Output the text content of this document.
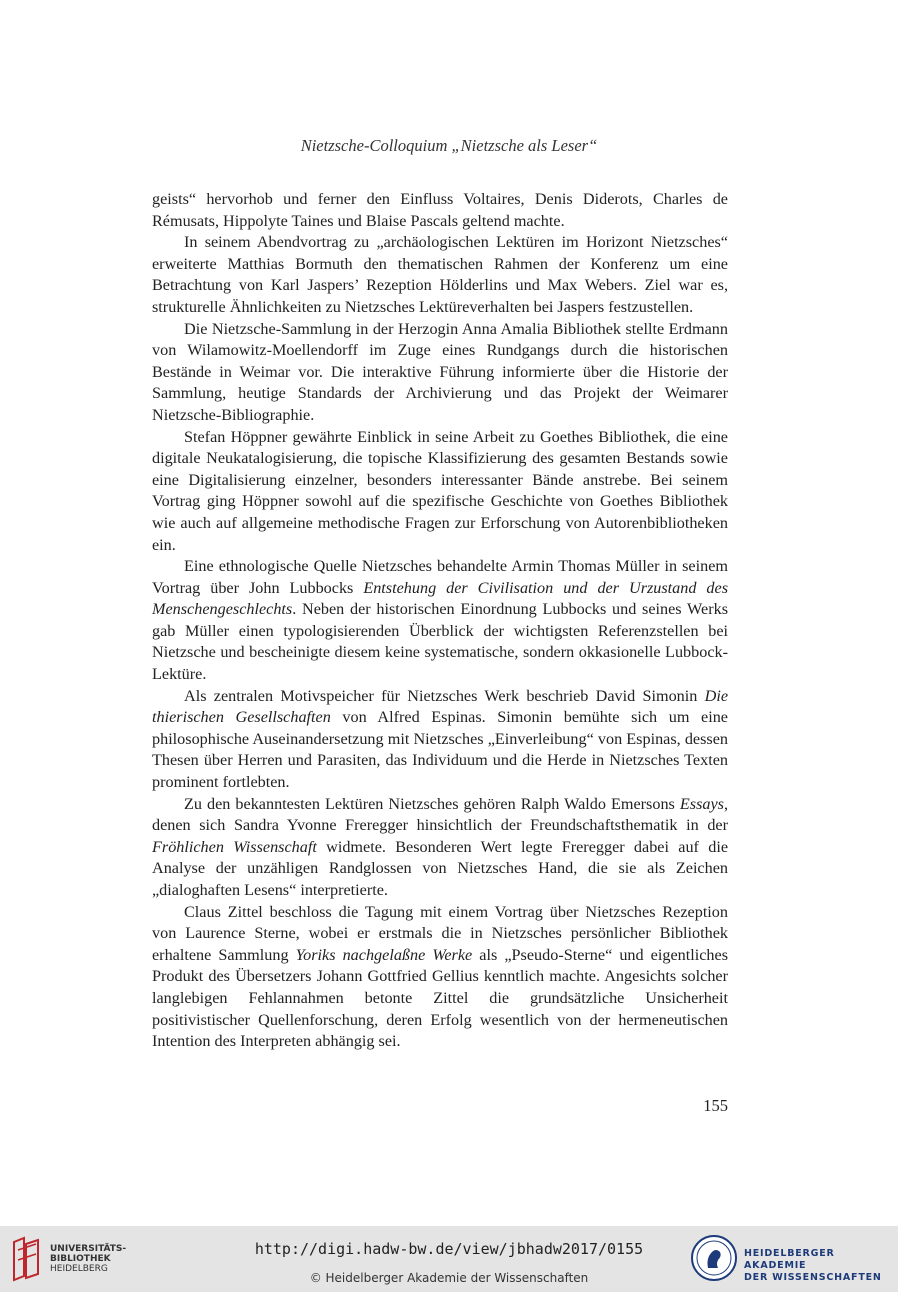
Nietzsche-Colloquium „Nietzsche als Leser“

geists“ hervorhob und ferner den Einfluss Voltaires, Denis Diderots, Charles de Rémusats, Hippolyte Taines und Blaise Pascals geltend machte.

In seinem Abendvortrag zu „archäologischen Lektüren im Horizont Nietzsches“ erweiterte Matthias Bormuth den thematischen Rahmen der Konferenz um eine Betrachtung von Karl Jaspers’ Rezeption Hölderlins und Max Webers. Ziel war es, strukturelle Ähnlichkeiten zu Nietzsches Lektüreverhalten bei Jaspers festzustellen.

Die Nietzsche-Sammlung in der Herzogin Anna Amalia Bibliothek stellte Erdmann von Wilamowitz-Moellendorff im Zuge eines Rundgangs durch die historischen Bestände in Weimar vor. Die interaktive Führung informierte über die Historie der Sammlung, heutige Standards der Archivierung und das Projekt der Weimarer Nietzsche-Bibliographie.

Stefan Höppner gewährte Einblick in seine Arbeit zu Goethes Bibliothek, die eine digitale Neukatalogisierung, die topische Klassifizierung des gesamten Bestands sowie eine Digitalisierung einzelner, besonders interessanter Bände anstrebe. Bei seinem Vortrag ging Höppner sowohl auf die spezifische Geschichte von Goethes Bibliothek wie auch auf allgemeine methodische Fragen zur Erforschung von Autorenbibliotheken ein.

Eine ethnologische Quelle Nietzsches behandelte Armin Thomas Müller in seinem Vortrag über John Lubbocks Entstehung der Civilisation und der Urzustand des Menschengeschlechts. Neben der historischen Einordnung Lubbocks und seines Werks gab Müller einen typologisierenden Überblick der wichtigsten Referenzstellen bei Nietzsche und bescheinigte diesem keine systematische, sondern okkasionelle Lubbock-Lektüre.

Als zentralen Motivspeicher für Nietzsches Werk beschrieb David Simonin Die thierischen Gesellschaften von Alfred Espinas. Simonin bemühte sich um eine philosophische Auseinandersetzung mit Nietzsches „Einverleibung“ von Espinas, dessen Thesen über Herren und Parasiten, das Individuum und die Herde in Nietzsches Texten prominent fortlebten.

Zu den bekanntesten Lektüren Nietzsches gehören Ralph Waldo Emersons Essays, denen sich Sandra Yvonne Freregger hinsichtlich der Freundschaftsthematik in der Fröhlichen Wissenschaft widmete. Besonderen Wert legte Freregger dabei auf die Analyse der unzähligen Randglossen von Nietzsches Hand, die sie als Zeichen „dialoghaften Lesens“ interpretierte.

Claus Zittel beschloss die Tagung mit einem Vortrag über Nietzsches Rezeption von Laurence Sterne, wobei er erstmals die in Nietzsches persönlicher Bibliothek erhaltene Sammlung Yoriks nachgelaßne Werke als „Pseudo-Sterne“ und eigentliches Produkt des Übersetzers Johann Gottfried Gellius kenntlich machte. Angesichts solcher langlebigen Fehlannahmen betonte Zittel die grundsätzliche Unsicherheit positivistischer Quellenforschung, deren Erfolg wesentlich von der hermeneutischen Intention des Interpreten abhängig sei.

155
UNIVERSITÄTS-
BIBLIOTHEK
HEIDELBERG
http://digi.hadw-bw.de/view/jbhadw2017/0155
© Heidelberger Akademie der Wissenschaften
HEIDELBERGER AKADEMIE
DER WISSENSCHAFTEN
